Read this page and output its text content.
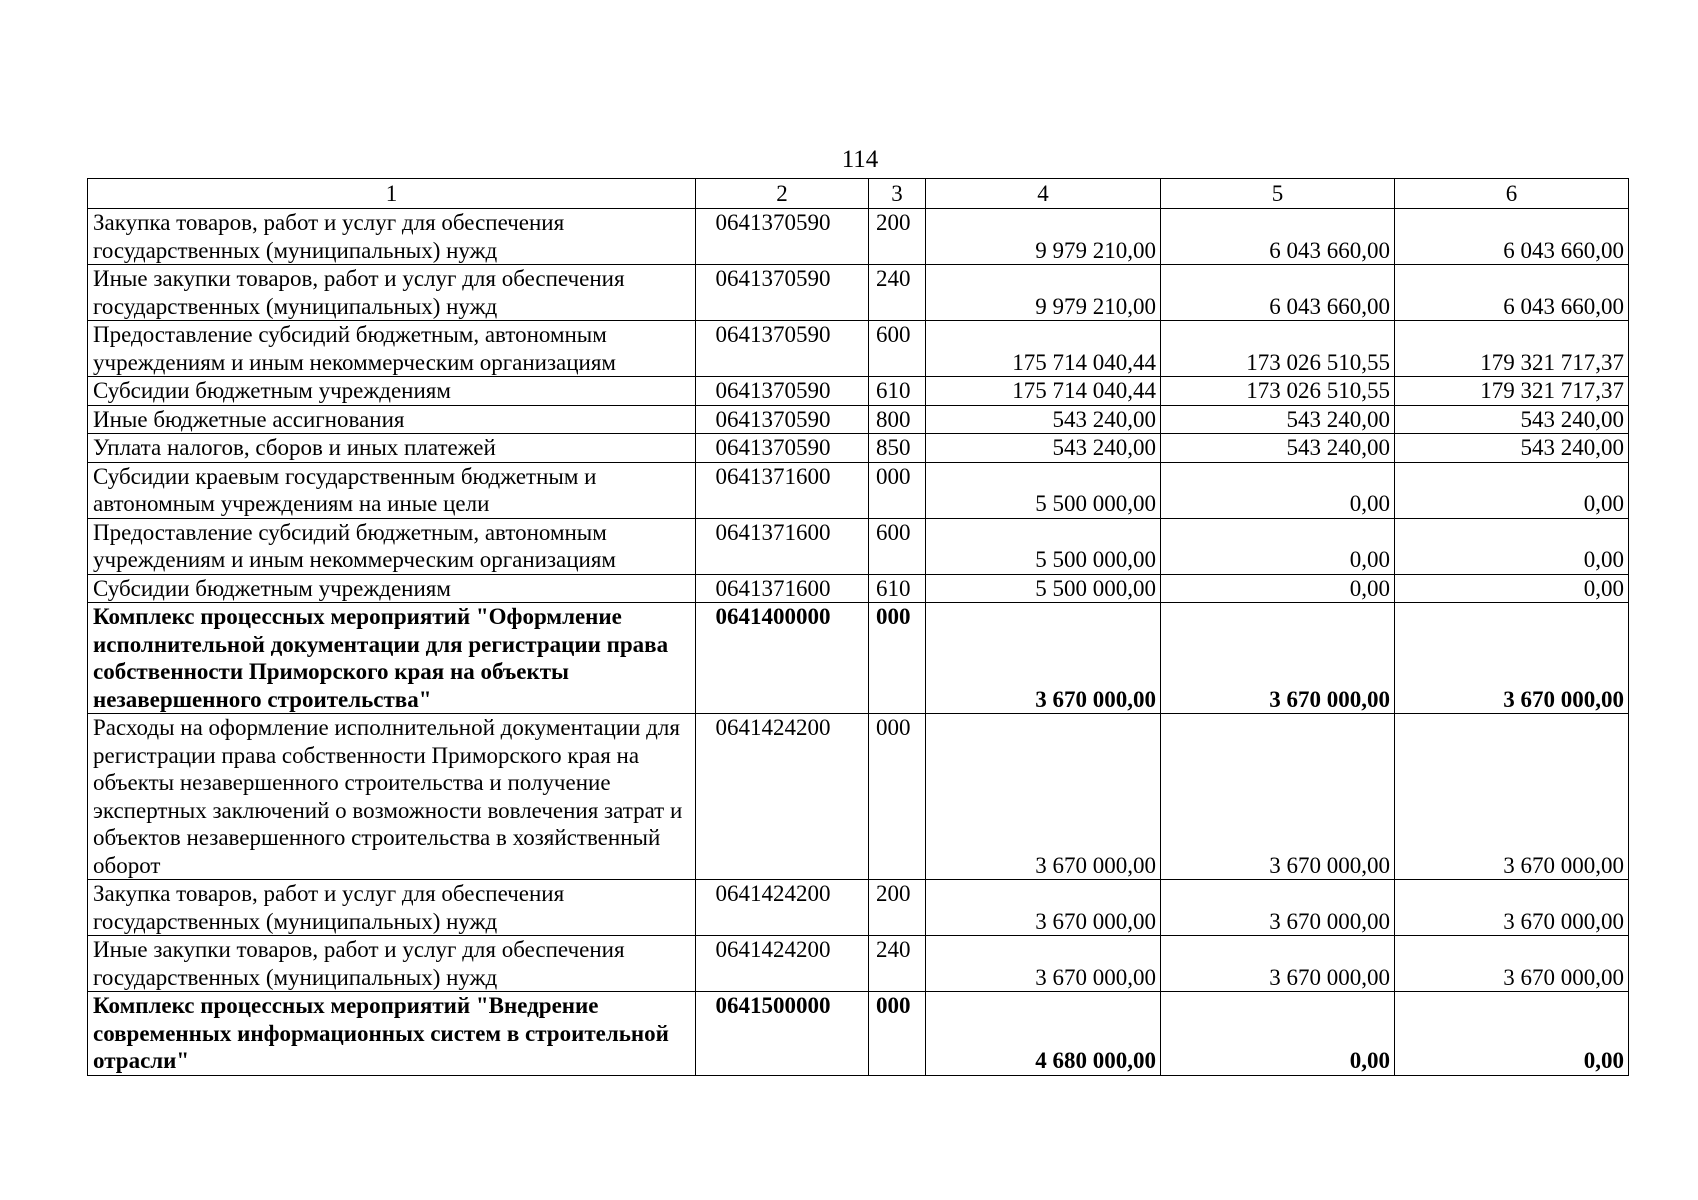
114
1	2	3	4	5	6
Закупка товаров, работ и услуг для обеспечения государственных (муниципальных) нужд	0641370590	200	9 979 210,00	6 043 660,00	6 043 660,00
Иные закупки товаров, работ и услуг для обеспечения государственных (муниципальных) нужд	0641370590	240	9 979 210,00	6 043 660,00	6 043 660,00
Предоставление субсидий бюджетным, автономным учреждениям и иным некоммерческим организациям	0641370590	600	175 714 040,44	173 026 510,55	179 321 717,37
Субсидии бюджетным учреждениям	0641370590	610	175 714 040,44	173 026 510,55	179 321 717,37
Иные бюджетные ассигнования	0641370590	800	543 240,00	543 240,00	543 240,00
Уплата налогов, сборов и иных платежей	0641370590	850	543 240,00	543 240,00	543 240,00
Субсидии краевым государственным бюджетным и автономным учреждениям на иные цели	0641371600	000	5 500 000,00	0,00	0,00
Предоставление субсидий бюджетным, автономным учреждениям и иным некоммерческим организациям	0641371600	600	5 500 000,00	0,00	0,00
Субсидии бюджетным учреждениям	0641371600	610	5 500 000,00	0,00	0,00
Комплекс процессных мероприятий "Оформление исполнительной документации для регистрации права собственности Приморского края на объекты незавершенного строительства"	0641400000	000	3 670 000,00	3 670 000,00	3 670 000,00
Расходы на оформление исполнительной документации для регистрации права собственности Приморского края на объекты незавершенного строительства и получение экспертных заключений о возможности вовлечения затрат и объектов незавершенного строительства в хозяйственный оборот	0641424200	000	3 670 000,00	3 670 000,00	3 670 000,00
Закупка товаров, работ и услуг для обеспечения государственных (муниципальных) нужд	0641424200	200	3 670 000,00	3 670 000,00	3 670 000,00
Иные закупки товаров, работ и услуг для обеспечения государственных (муниципальных) нужд	0641424200	240	3 670 000,00	3 670 000,00	3 670 000,00
Комплекс процессных мероприятий "Внедрение современных информационных систем в строительной отрасли"	0641500000	000	4 680 000,00	0,00	0,00
